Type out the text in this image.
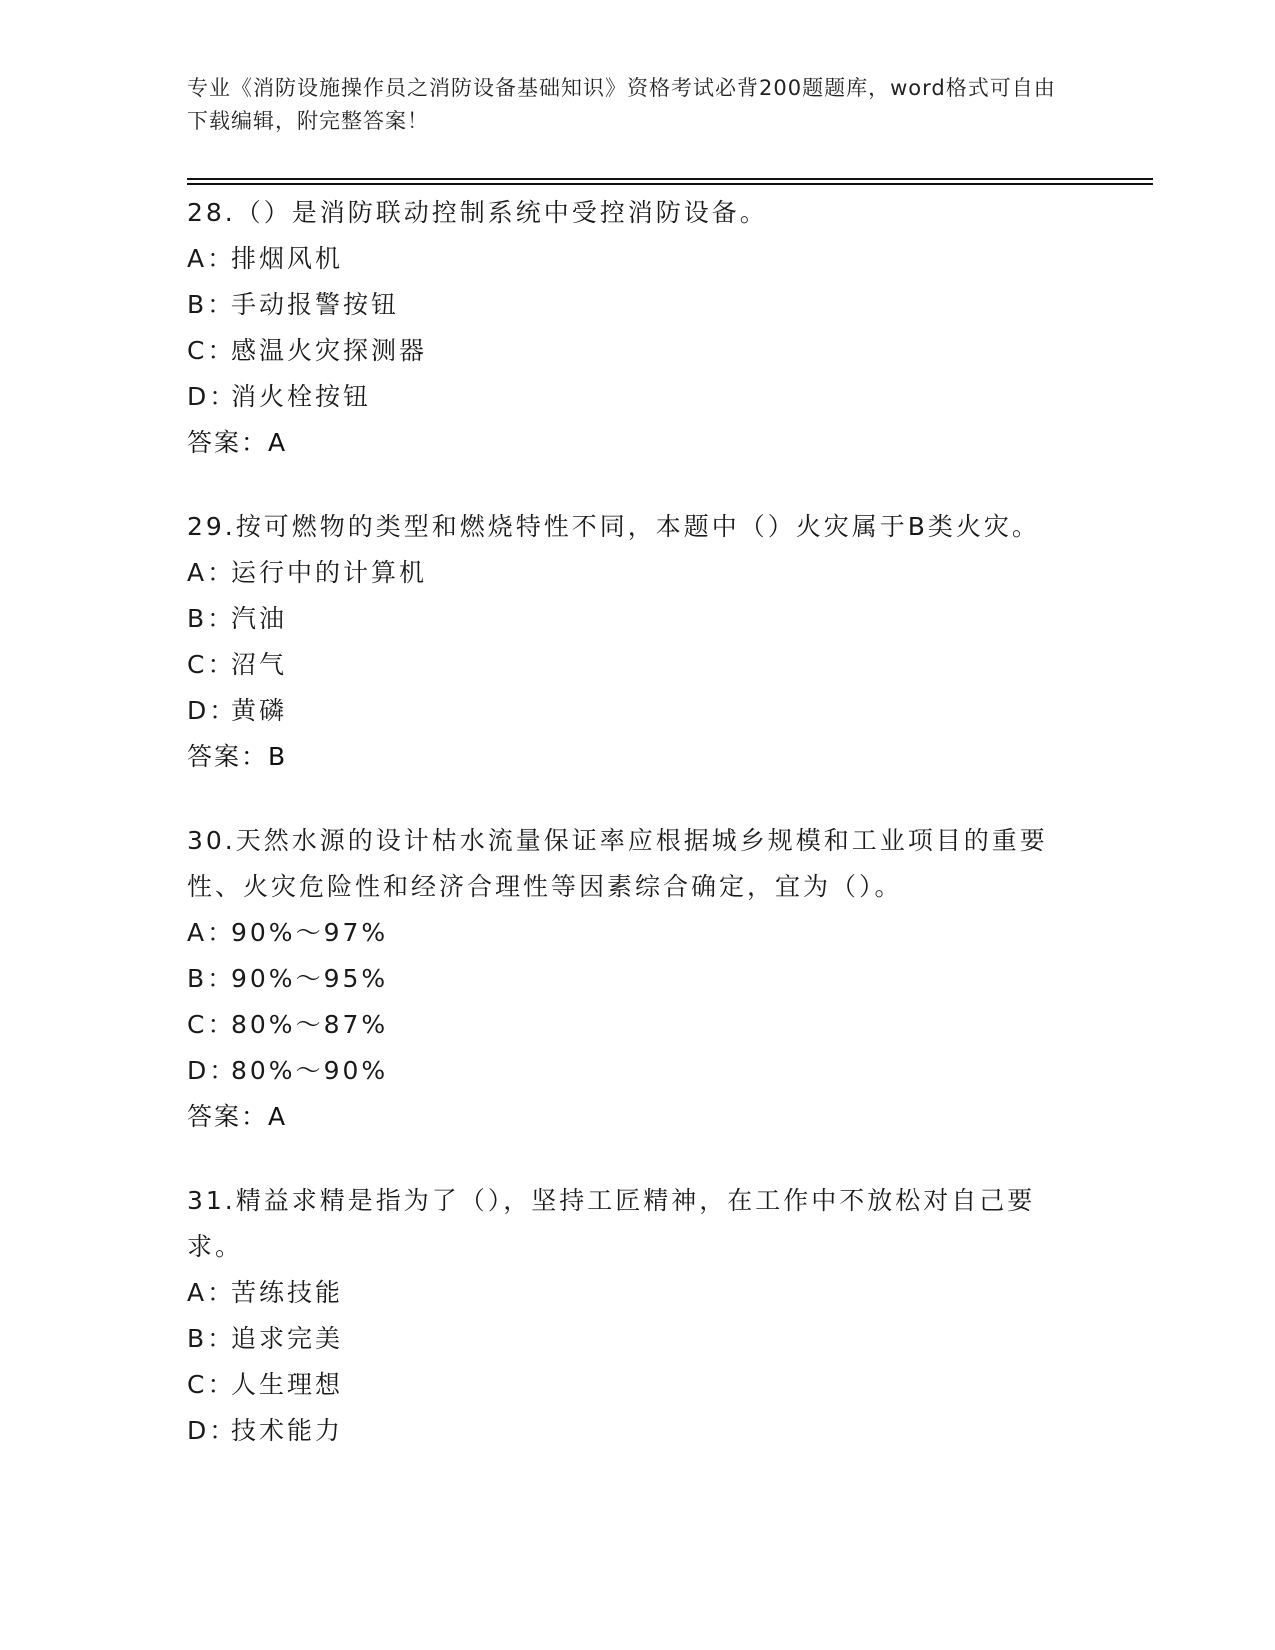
专业《消防设施操作员之消防设备基础知识》资格考试必背200题题库，word格式可自由下载编辑，附完整答案！
28.（）是消防联动控制系统中受控消防设备。
A：排烟风机
B：手动报警按钮
C：感温火灾探测器
D：消火栓按钮
答案：A
29.按可燃物的类型和燃烧特性不同，本题中（）火灾属于B类火灾。
A：运行中的计算机
B：汽油
C：沼气
D：黄磷
答案：B
30.天然水源的设计枯水流量保证率应根据城乡规模和工业项目的重要性、火灾危险性和经济合理性等因素综合确定，宜为（）。
A：90%～97%
B：90%～95%
C：80%～87%
D：80%～90%
答案：A
31.精益求精是指为了（），坚持工匠精神，在工作中不放松对自己要求。
A：苦练技能
B：追求完美
C：人生理想
D：技术能力
